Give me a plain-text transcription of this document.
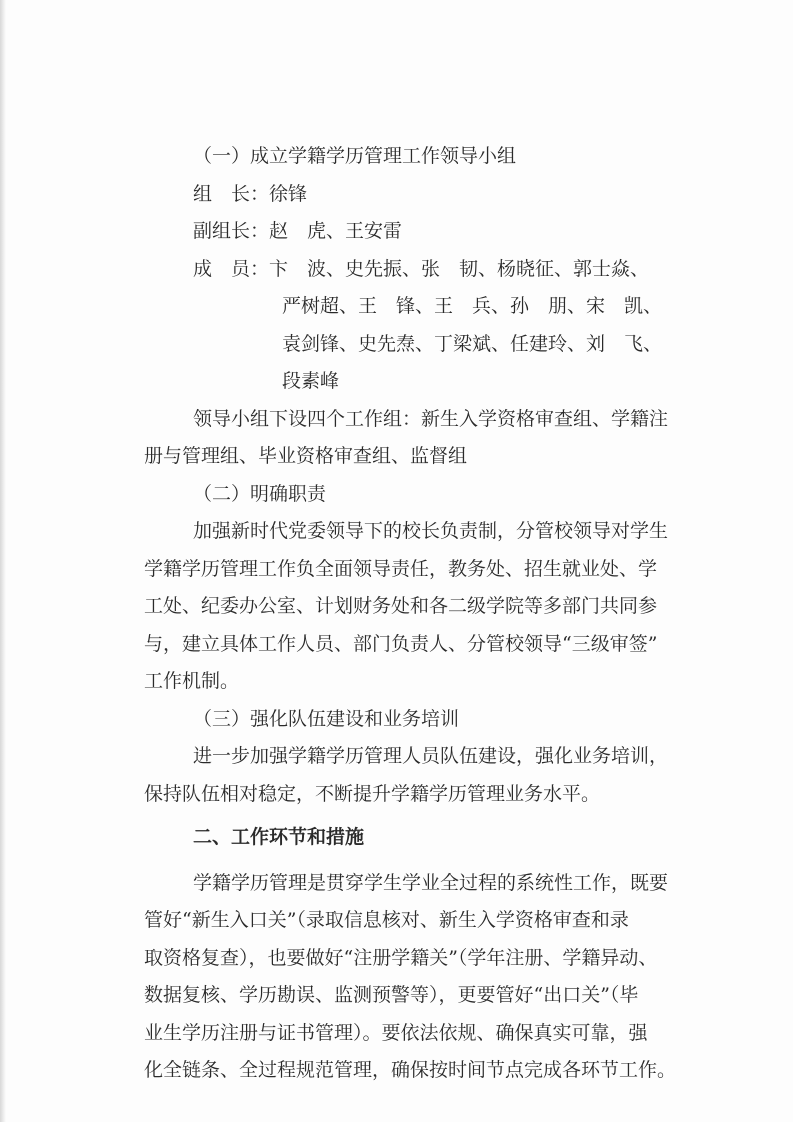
（一）成立学籍学历管理工作领导小组
组　长：徐锋
副组长：赵　虎、王安雷
成　员：卞　波、史先振、张　韧、杨晓征、郭士焱、
严树超、王　锋、王　兵、孙　朋、宋　凯、
袁剑锋、史先焘、丁梁斌、任建玲、刘　飞、
段素峰
领导小组下设四个工作组：新生入学资格审查组、学籍注
册与管理组、毕业资格审查组、监督组
（二）明确职责
加强新时代党委领导下的校长负责制，分管校领导对学生
学籍学历管理工作负全面领导责任，教务处、招生就业处、学
工处、纪委办公室、计划财务处和各二级学院等多部门共同参
与，建立具体工作人员、部门负责人、分管校领导“三级审签”
工作机制。
（三）强化队伍建设和业务培训
进一步加强学籍学历管理人员队伍建设，强化业务培训，
保持队伍相对稳定，不断提升学籍学历管理业务水平。
二、工作环节和措施
学籍学历管理是贯穿学生学业全过程的系统性工作，既要
管好“新生入口关”（录取信息核对、新生入学资格审查和录
取资格复查），也要做好“注册学籍关”（学年注册、学籍异动、
数据复核、学历勘误、监测预警等），更要管好“出口关”（毕
业生学历注册与证书管理）。要依法依规、确保真实可靠，强
化全链条、全过程规范管理，确保按时间节点完成各环节工作。
